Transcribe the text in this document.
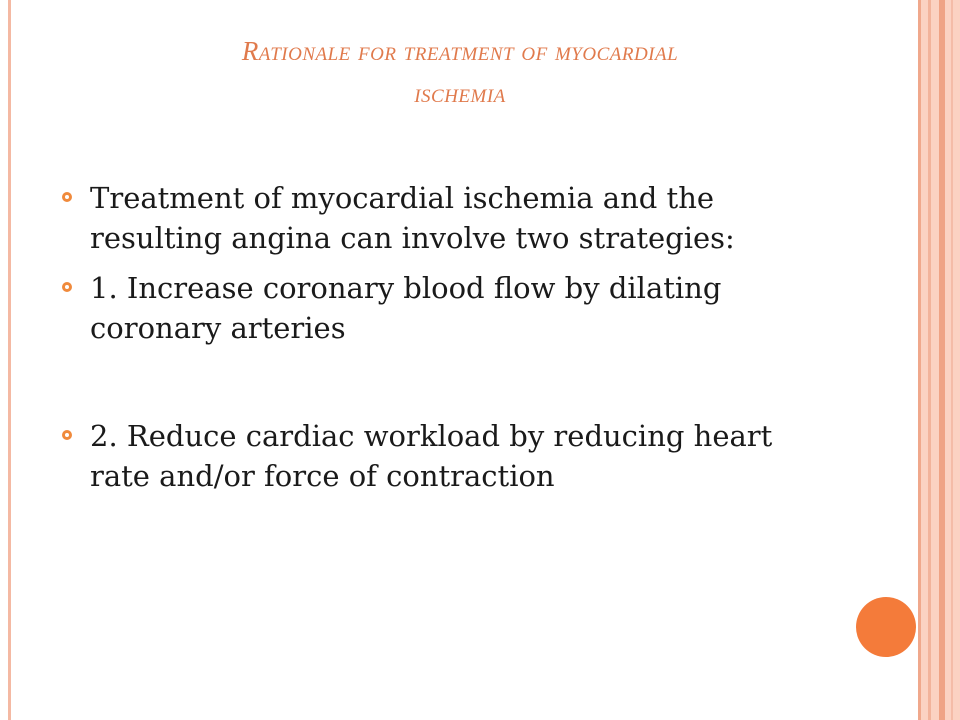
Rationale for treatment of myocardial
ischemia
Treatment of myocardial ischemia and the resulting angina can involve two strategies:
1. Increase coronary blood flow by dilating coronary arteries
2. Reduce cardiac workload by reducing heart rate and/or force of contraction
